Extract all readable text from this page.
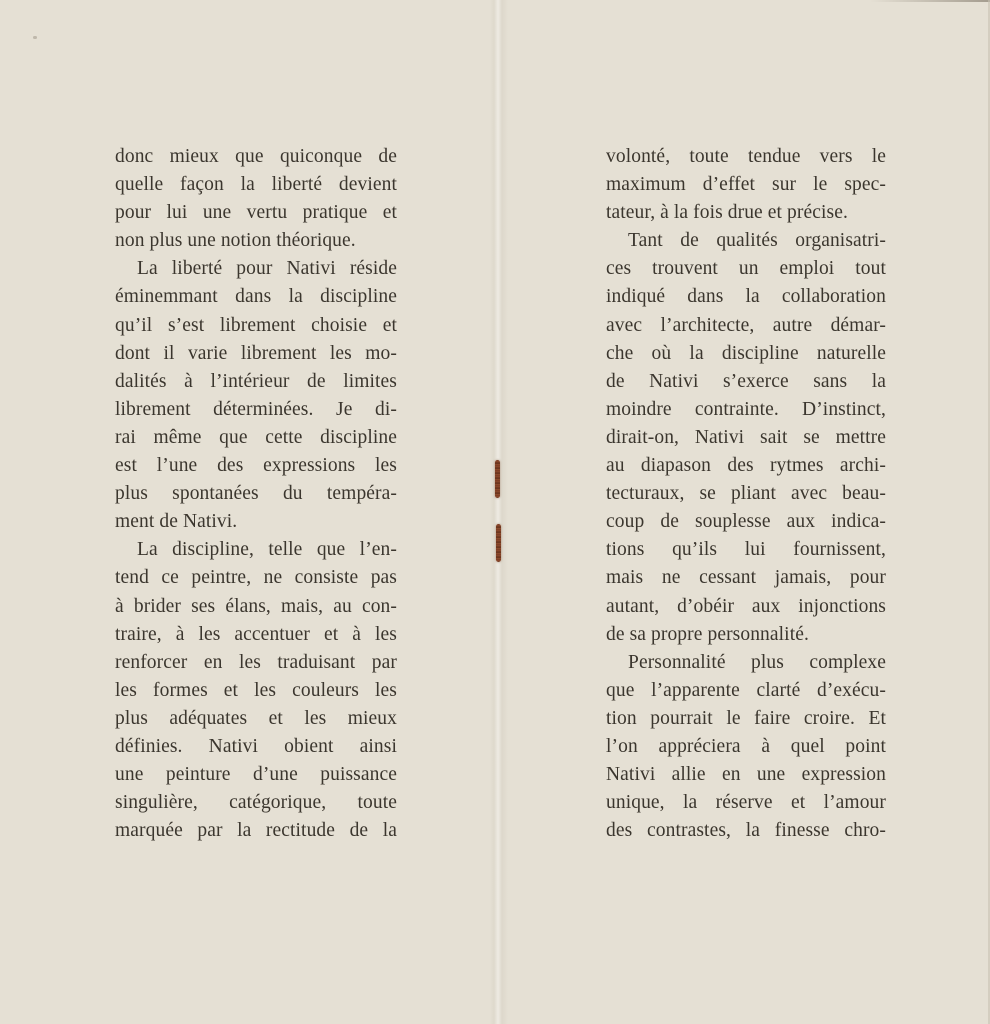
donc mieux que quiconque de
quelle façon la liberté devient
pour lui une vertu pratique et
non plus une notion théorique.
La liberté pour Nativi réside
éminemmant dans la discipline
qu’il s’est librement choisie et
dont il varie librement les mo-
dalités à l’intérieur de limites
librement déterminées. Je di-
rai même que cette discipline
est l’une des expressions les
plus spontanées du tempéra-
ment de Nativi.
La discipline, telle que l’en-
tend ce peintre, ne consiste pas
à brider ses élans, mais, au con-
traire, à les accentuer et à les
renforcer en les traduisant par
les formes et les couleurs les
plus adéquates et les mieux
définies. Nativi obient ainsi
une peinture d’une puissance
singulière, catégorique, toute
marquée par la rectitude de la
volonté, toute tendue vers le
maximum d’effet sur le spec-
tateur, à la fois drue et précise.
Tant de qualités organisatri-
ces trouvent un emploi tout
indiqué dans la collaboration
avec l’architecte, autre démar-
che où la discipline naturelle
de Nativi s’exerce sans la
moindre contrainte. D’instinct,
dirait-on, Nativi sait se mettre
au diapason des rytmes archi-
tecturaux, se pliant avec beau-
coup de souplesse aux indica-
tions qu’ils lui fournissent,
mais ne cessant jamais, pour
autant, d’obéir aux injonctions
de sa propre personnalité.
Personnalité plus complexe
que l’apparente clarté d’exécu-
tion pourrait le faire croire. Et
l’on appréciera à quel point
Nativi allie en une expression
unique, la réserve et l’amour
des contrastes, la finesse chro-
